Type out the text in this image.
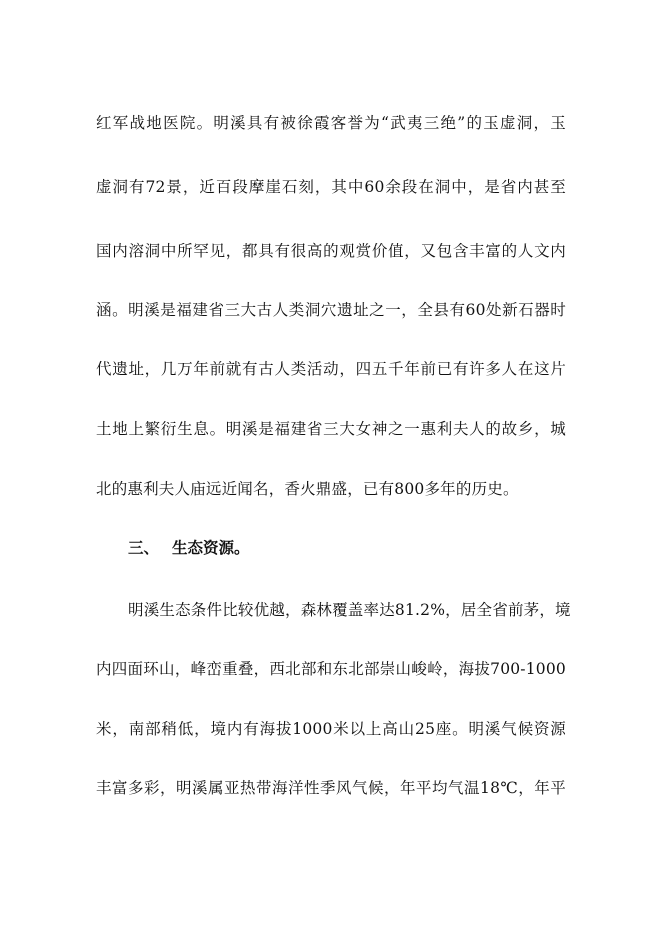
红军战地医院。明溪具有被徐霞客誉为“武夷三绝”的玉虚洞，玉
虚洞有72景，近百段摩崖石刻，其中60余段在洞中，是省内甚至
国内溶洞中所罕见，都具有很高的观赏价值，又包含丰富的人文内
涵。明溪是福建省三大古人类洞穴遗址之一，全县有60处新石器时
代遗址，几万年前就有古人类活动，四五千年前已有许多人在这片
土地上繁衍生息。明溪是福建省三大女神之一惠利夫人的故乡，城
北的惠利夫人庙远近闻名，香火鼎盛，已有800多年的历史。
三、 生态资源。
明溪生态条件比较优越，森林覆盖率达81.2%，居全省前茅，境
内四面环山，峰峦重叠，西北部和东北部崇山峻岭，海拔700-1000
米，南部稍低，境内有海拔1000米以上高山25座。明溪气候资源
丰富多彩，明溪属亚热带海洋性季风气候，年平均气温18℃，年平
